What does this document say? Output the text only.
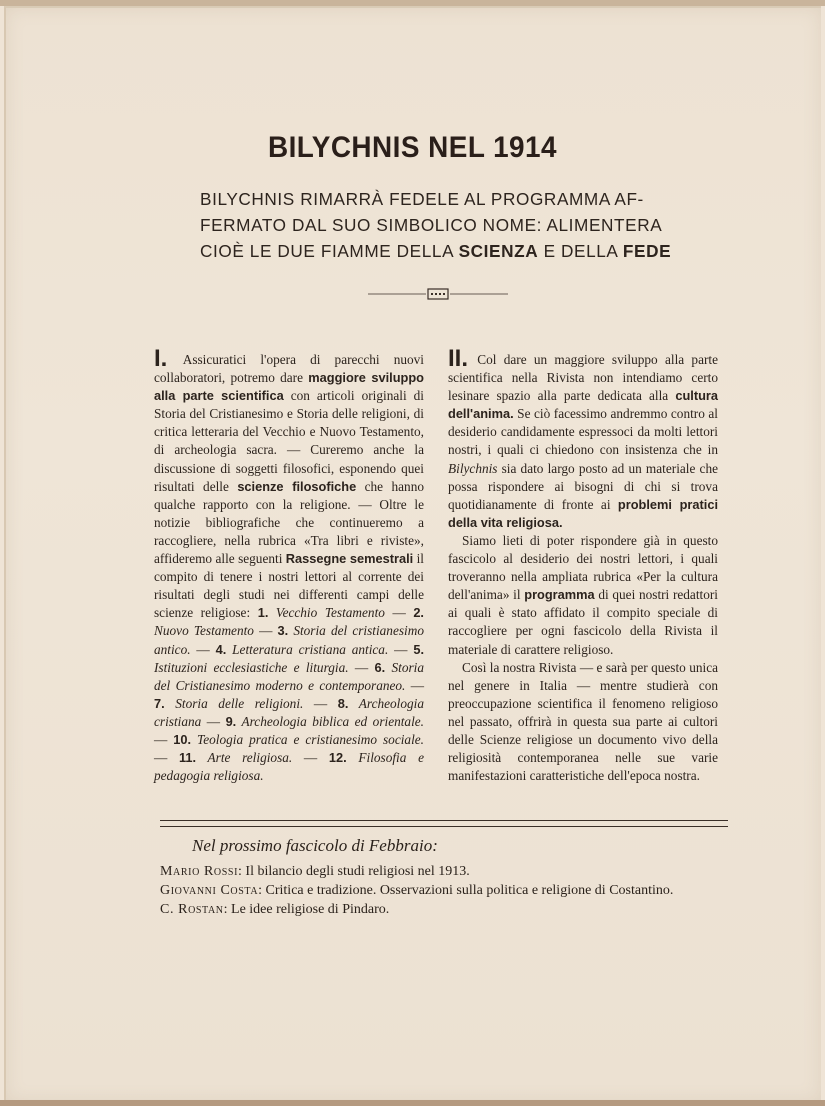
BILYCHNIS NEL 1914
BILYCHNIS RIMARRÀ FEDELE AL PROGRAMMA AF-
FERMATO DAL SUO SIMBOLICO NOME: ALIMENTERA
CIOÈ LE DUE FIAMME DELLA SCIENZA E DELLA FEDE

I. Assicuratici l'opera di parecchi nuovi collaboratori, potremo dare maggiore sviluppo alla parte scientifica con articoli originali di Storia del Cristianesimo e Storia delle religioni, di critica letteraria del Vecchio e Nuovo Testamento, di archeologia sacra. — Cureremo anche la discussione di soggetti filosofici, esponendo quei risultati delle scienze filosofiche che hanno qualche rapporto con la religione. — Oltre le notizie bibliografiche che continueremo a raccogliere, nella rubrica «Tra libri e riviste», affideremo alle seguenti Rassegne semestrali il compito di tenere i nostri lettori al corrente dei risultati degli studi nei differenti campi delle scienze religiose: 1. Vecchio Testamento — 2. Nuovo Testamento — 3. Storia del cristianesimo antico. — 4. Letteratura cristiana antica. — 5. Istituzioni ecclesiastiche e liturgia. — 6. Storia del Cristianesimo moderno e contemporaneo. — 7. Storia delle religioni. — 8. Archeologia cristiana — 9. Archeologia biblica ed orientale. — 10. Teologia pratica e cristianesimo sociale. — 11. Arte religiosa. — 12. Filosofia e pedagogia religiosa.

II. Col dare un maggiore sviluppo alla parte scientifica nella Rivista non intendiamo certo lesinare spazio alla parte dedicata alla cultura dell'anima. Se ciò facessimo andremmo contro al desiderio candidamente espressoci da molti lettori nostri, i quali ci chiedono con insistenza che in Bilychnis sia dato largo posto ad un materiale che possa rispondere ai bisogni di chi si trova quotidianamente di fronte ai problemi pratici della vita religiosa.

Siamo lieti di poter rispondere già in questo fascicolo al desiderio dei nostri lettori, i quali troveranno nella ampliata rubrica «Per la cultura dell'anima» il programma di quei nostri redattori ai quali è stato affidato il compito speciale di raccogliere per ogni fascicolo della Rivista il materiale di carattere religioso.

Così la nostra Rivista — e sarà per questo unica nel genere in Italia — mentre studierà con preoccupazione scientifica il fenomeno religioso nel passato, offrirà in questa sua parte ai cultori delle Scienze religiose un documento vivo della religiosità contemporanea nelle sue varie manifestazioni caratteristiche dell'epoca nostra.

Nel prossimo fascicolo di Febbraio:
Mario Rossi: Il bilancio degli studi religiosi nel 1913.
Giovanni Costa: Critica e tradizione. Osservazioni sulla politica e religione di Costantino.
C. Rostan: Le idee religiose di Pindaro.
